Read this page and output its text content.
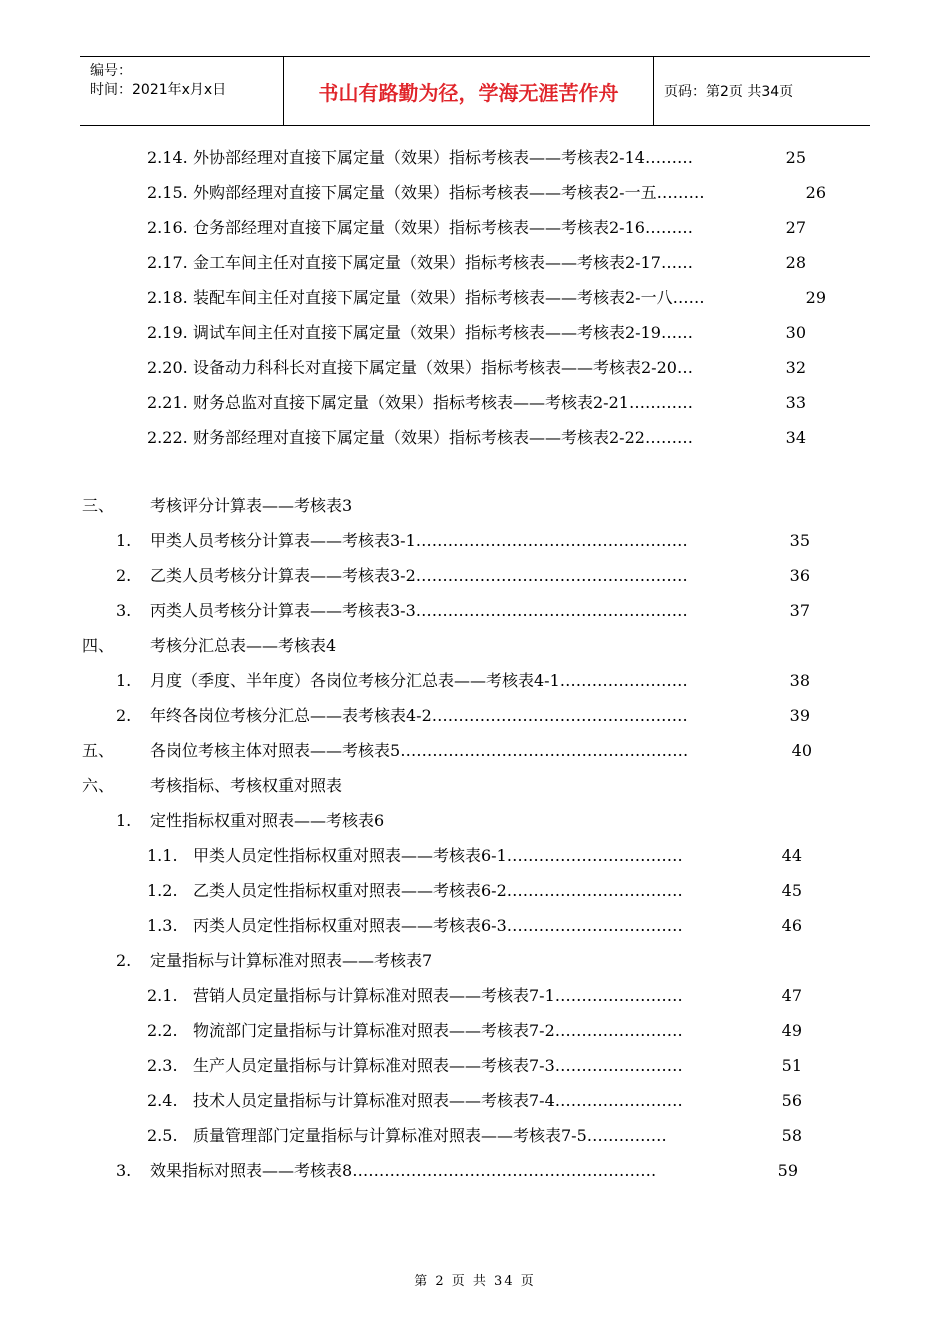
编号：
时间：2021年x月x日	书山有路勤为径，学海无涯苦作舟	页码：第2页 共34页
2.14. 外协部经理对直接下属定量（效果）指标考核表——考核表2-14 ………	25
2.15. 外购部经理对直接下属定量（效果）指标考核表——考核表2-一五 ………	26
2.16. 仓务部经理对直接下属定量（效果）指标考核表——考核表2-16 ………	27
2.17. 金工车间主任对直接下属定量（效果）指标考核表——考核表2-17 ……	28
2.18. 装配车间主任对直接下属定量（效果）指标考核表——考核表2-一八 ……	29
2.19. 调试车间主任对直接下属定量（效果）指标考核表——考核表2-19 ……	30
2.20. 设备动力科科长对直接下属定量（效果）指标考核表——考核表2-20 …	32
2.21. 财务总监对直接下属定量（效果）指标考核表——考核表2-21 …………	33
2.22. 财务部经理对直接下属定量（效果）指标考核表——考核表2-22 ………	34
三、	考核评分计算表——考核表3
1.	甲类人员考核分计算表——考核表3-1 ……………………………………………	35
2.	乙类人员考核分计算表——考核表3-2 ……………………………………………	36
3.	丙类人员考核分计算表——考核表3-3 ……………………………………………	37
四、	考核分汇总表——考核表4
1.	月度（季度、半年度）各岗位考核分汇总表——考核表4-1 ……………………	38
2.	年终各岗位考核分汇总——表考核表4-2 …………………………………………	39
五、	各岗位考核主体对照表——考核表5 ………………………………………………	40
六、	考核指标、考核权重对照表
1.	定性指标权重对照表——考核表6
1.1. 甲类人员定性指标权重对照表——考核表6-1 ……………………………	44
1.2. 乙类人员定性指标权重对照表——考核表6-2 ……………………………	45
1.3. 丙类人员定性指标权重对照表——考核表6-3 ……………………………	46
2.	定量指标与计算标准对照表——考核表7
2.1. 营销人员定量指标与计算标准对照表——考核表7-1 ……………………	47
2.2. 物流部门定量指标与计算标准对照表——考核表7-2 ……………………	49
2.3. 生产人员定量指标与计算标准对照表——考核表7-3 ……………………	51
2.4. 技术人员定量指标与计算标准对照表——考核表7-4 ……………………	56
2.5. 质量管理部门定量指标与计算标准对照表——考核表7-5 ……………	58
3.	效果指标对照表——考核表8 …………………………………………………	59
第 2 页 共 34 页
